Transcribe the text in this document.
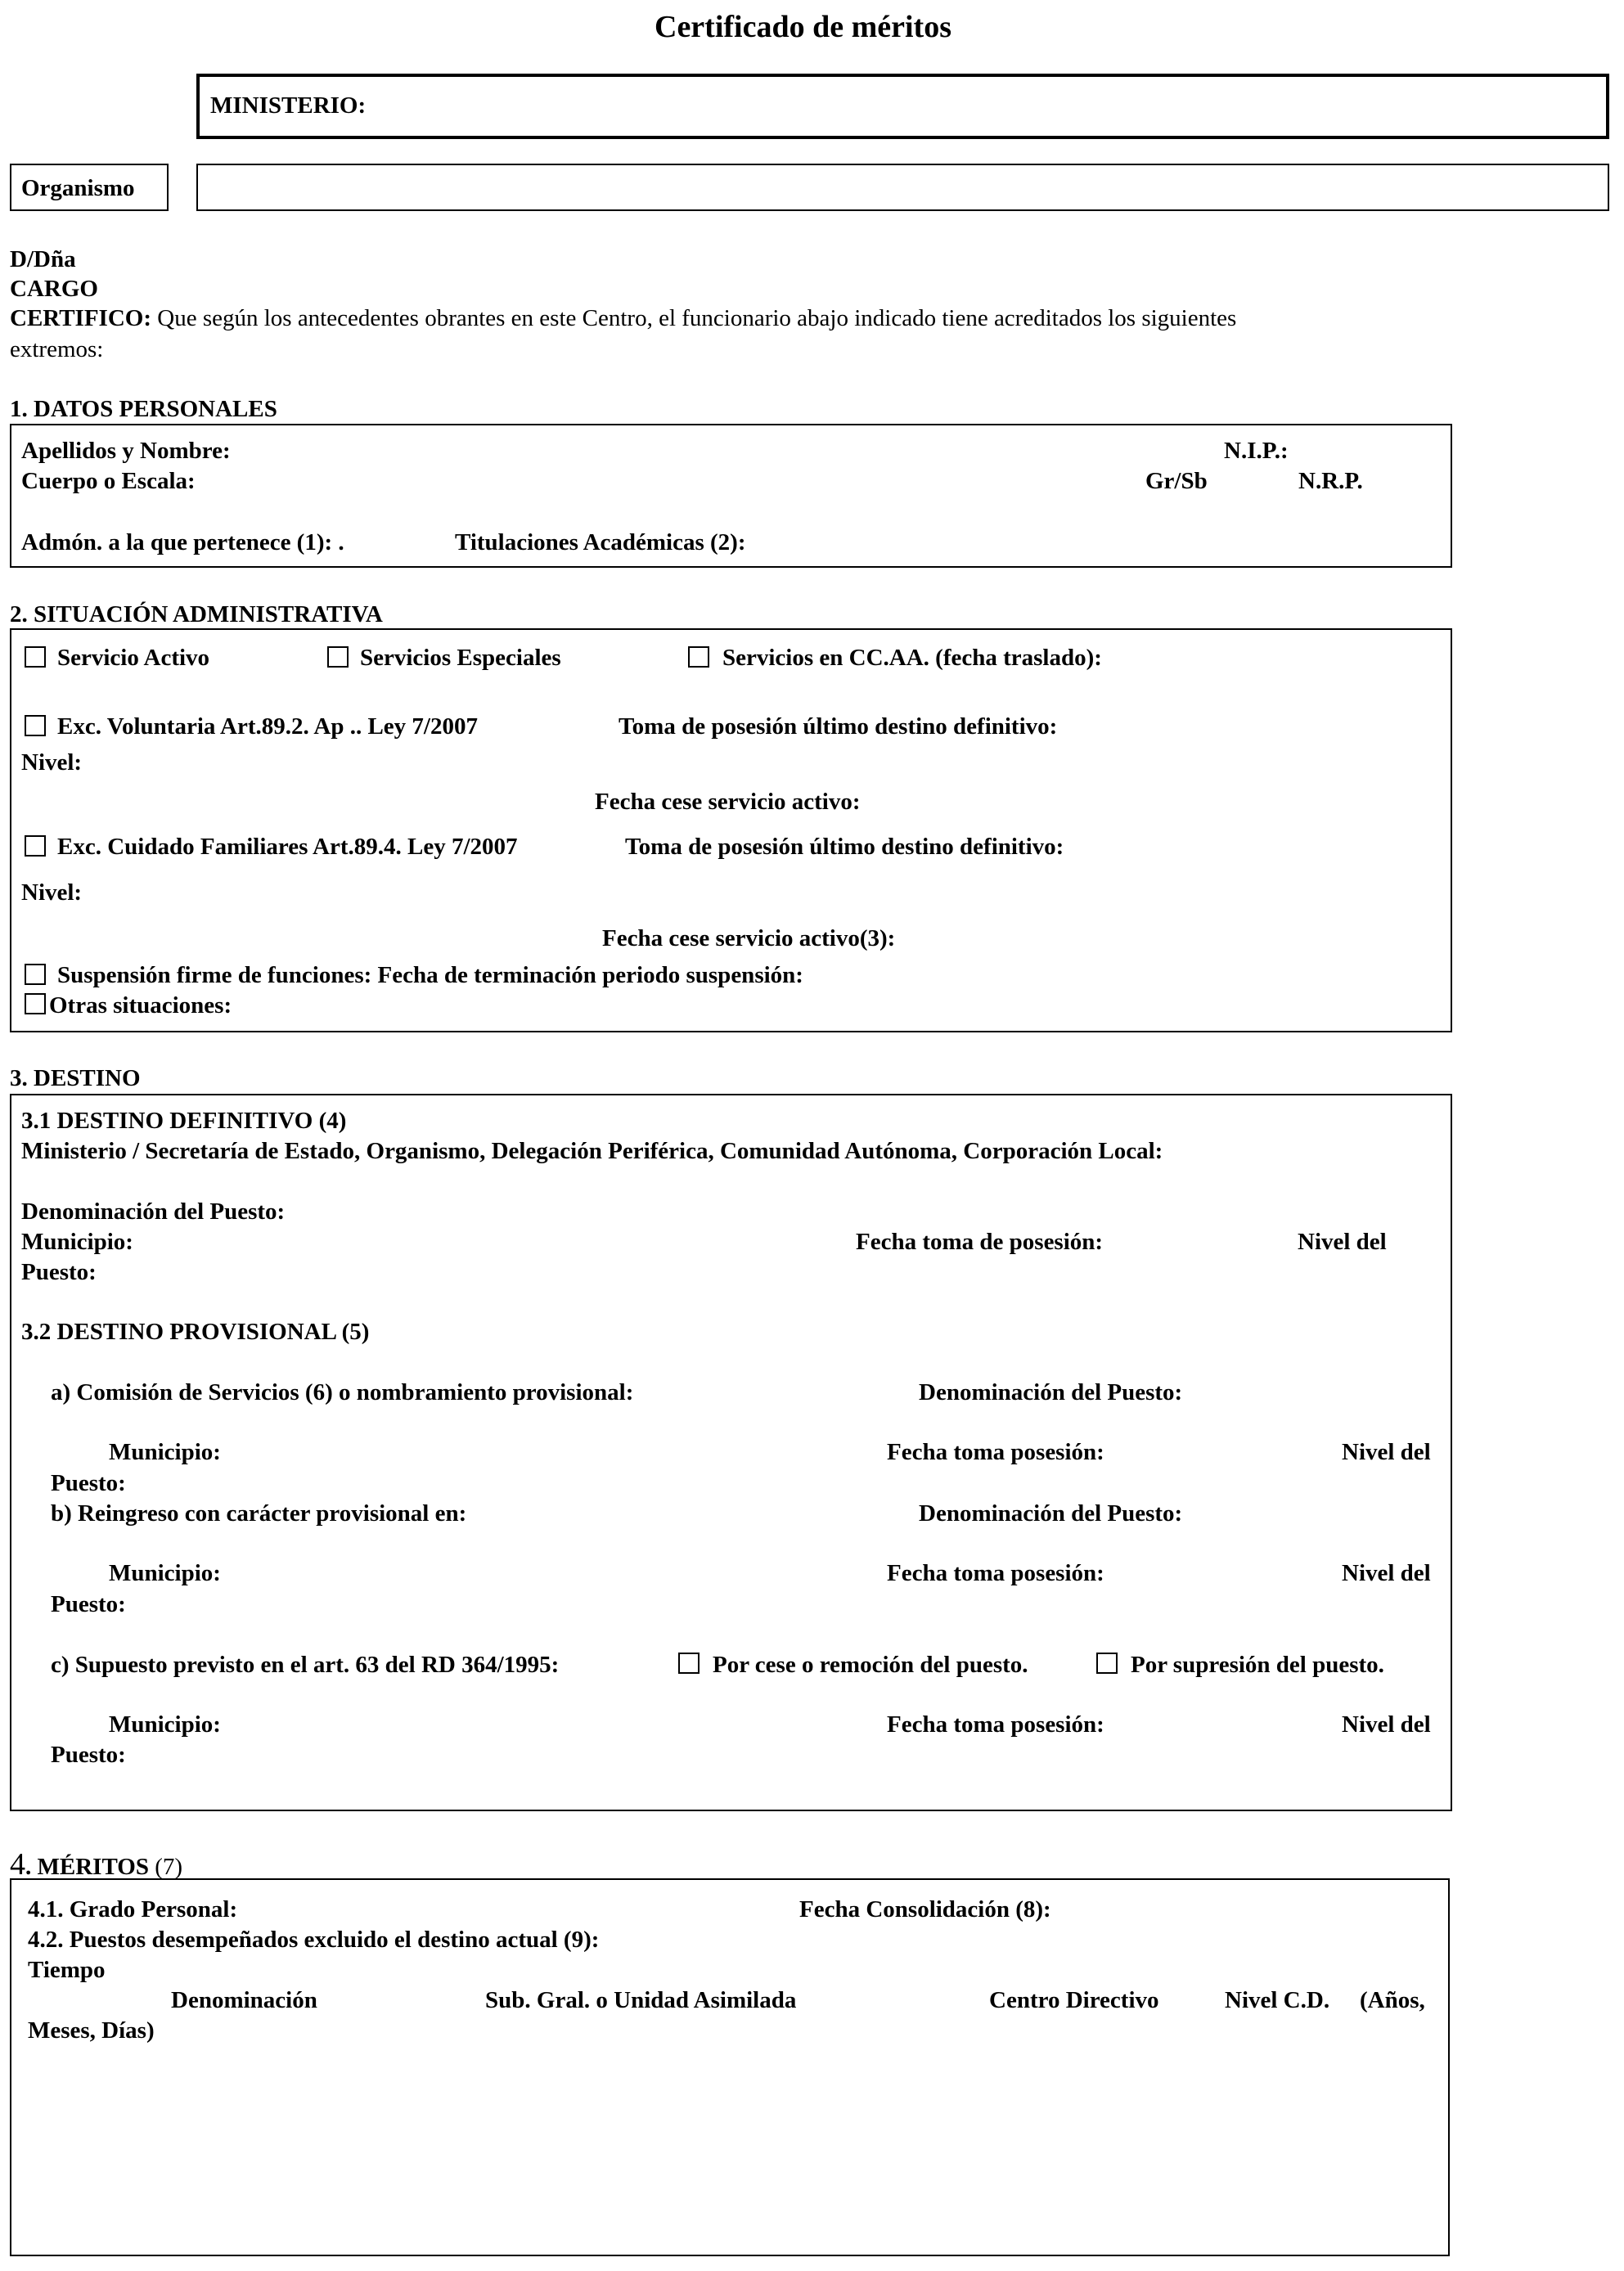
Certificado de méritos
MINISTERIO:
Organismo
D/Dña
CARGO
CERTIFICO: Que según los antecedentes obrantes en este Centro, el funcionario abajo indicado tiene acreditados los siguientes
extremos:
1. DATOS PERSONALES
Apellidos y Nombre:	N.I.P.:
Cuerpo o Escala:	Gr/Sb	N.R.P.
Admón. a la que pertenece (1): .	Titulaciones Académicas (2):
2. SITUACIÓN ADMINISTRATIVA
Servicio Activo	Servicios Especiales	Servicios en CC.AA. (fecha traslado):
Exc. Voluntaria Art.89.2. Ap .. Ley 7/2007	Toma de posesión último destino definitivo:
Nivel:
Fecha cese servicio activo:
Exc. Cuidado Familiares Art.89.4. Ley 7/2007	Toma de posesión último destino definitivo:
Nivel:
Fecha cese servicio activo(3):
Suspensión firme de funciones: Fecha de terminación periodo suspensión:
Otras situaciones:
3. DESTINO
3.1 DESTINO DEFINITIVO (4)
Ministerio / Secretaría de Estado, Organismo, Delegación Periférica, Comunidad Autónoma, Corporación Local:
Denominación del Puesto:
Municipio:	Fecha toma de posesión:	Nivel del
Puesto:
3.2 DESTINO PROVISIONAL (5)
a) Comisión de Servicios (6) o nombramiento provisional:	Denominación del Puesto:
Municipio:	Fecha toma posesión:	Nivel del
Puesto:
b) Reingreso con carácter provisional en:	Denominación del Puesto:
Municipio:	Fecha toma posesión:	Nivel del
Puesto:
c) Supuesto previsto en el art. 63 del RD 364/1995:	Por cese o remoción del puesto.	Por supresión del puesto.
Municipio:	Fecha toma posesión:	Nivel del
Puesto:
4. MÉRITOS (7)
4.1. Grado Personal:	Fecha Consolidación (8):
4.2. Puestos desempeñados excluido el destino actual (9):
Tiempo
Denominación	Sub. Gral. o Unidad Asimilada	Centro Directivo	Nivel C.D. (Años,
Meses, Días)
